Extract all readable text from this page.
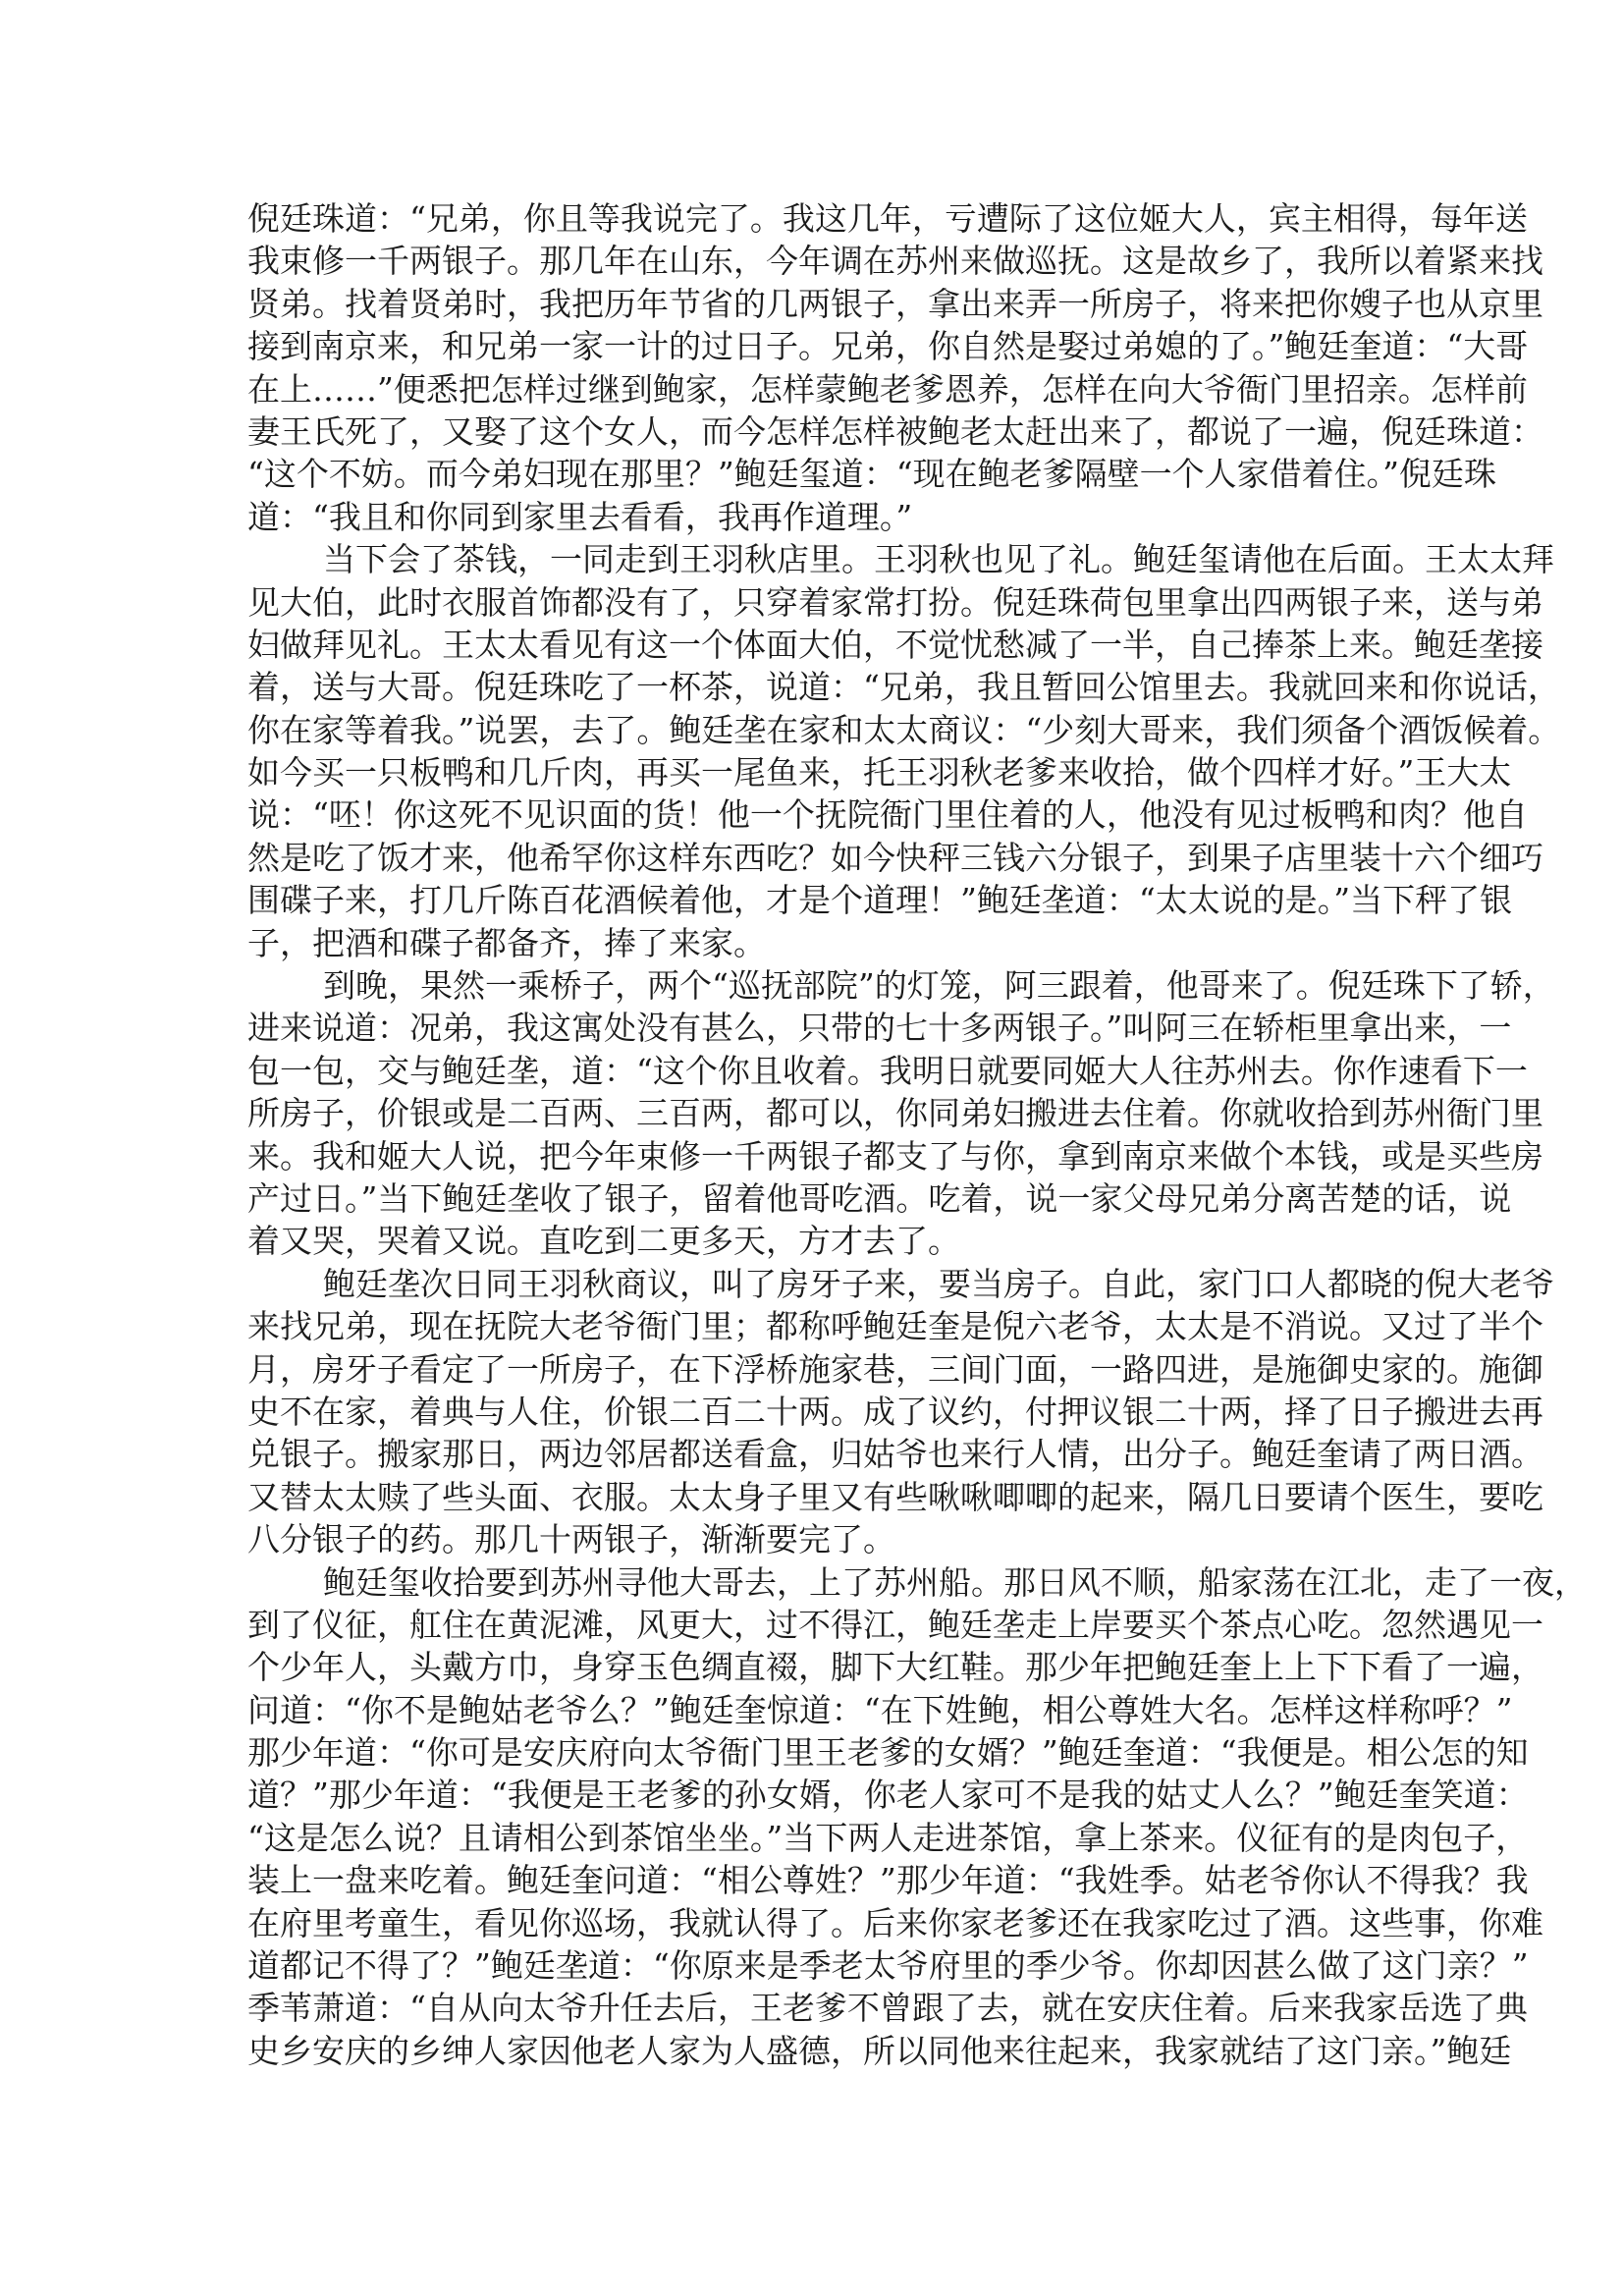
倪廷珠道：“兄弟，你且等我说完了。我这几年，亏遭际了这位姬大人，宾主相得，每年送
我束修一千两银子。那几年在山东，今年调在苏州来做巡抚。这是故乡了，我所以着紧来找
贤弟。找着贤弟时，我把历年节省的几两银子，拿出来弄一所房子，将来把你嫂子也从京里
接到南京来，和兄弟一家一计的过日子。兄弟，你自然是娶过弟媳的了。”鲍廷奎道：“大哥
在上……”便悉把怎样过继到鲍家，怎样蒙鲍老爹恩养，怎样在向大爷衙门里招亲。怎样前
妻王氏死了，又娶了这个女人，而今怎样怎样被鲍老太赶出来了，都说了一遍，倪廷珠道：
“这个不妨。而今弟妇现在那里？”鲍廷玺道：“现在鲍老爹隔壁一个人家借着住。”倪廷珠
道：“我且和你同到家里去看看，我再作道理。”
当下会了茶钱，一同走到王羽秋店里。王羽秋也见了礼。鲍廷玺请他在后面。王太太拜
见大伯，此时衣服首饰都没有了，只穿着家常打扮。倪廷珠荷包里拿出四两银子来，送与弟
妇做拜见礼。王太太看见有这一个体面大伯，不觉忧愁减了一半，自己捧茶上来。鲍廷垄接
着，送与大哥。倪廷珠吃了一杯茶，说道：“兄弟，我且暂回公馆里去。我就回来和你说话，
你在家等着我。”说罢，去了。鲍廷垄在家和太太商议：“少刻大哥来，我们须备个酒饭候着。
如今买一只板鸭和几斤肉，再买一尾鱼来，托王羽秋老爹来收拾，做个四样才好。”王大太
说：“呸！你这死不见识面的货！他一个抚院衙门里住着的人，他没有见过板鸭和肉？他自
然是吃了饭才来，他希罕你这样东西吃？如今快秤三钱六分银子，到果子店里装十六个细巧
围碟子来，打几斤陈百花酒候着他，才是个道理！”鲍廷垄道：“太太说的是。”当下秤了银
子，把酒和碟子都备齐，捧了来家。
到晚，果然一乘桥子，两个“巡抚部院”的灯笼，阿三跟着，他哥来了。倪廷珠下了轿，
进来说道：况弟，我这寓处没有甚么，只带的七十多两银子。”叫阿三在轿柜里拿出来，一
包一包，交与鲍廷垄，道：“这个你且收着。我明日就要同姬大人往苏州去。你作速看下一
所房子，价银或是二百两、三百两，都可以，你同弟妇搬进去住着。你就收拾到苏州衙门里
来。我和姬大人说，把今年束修一千两银子都支了与你，拿到南京来做个本钱，或是买些房
产过日。”当下鲍廷垄收了银子，留着他哥吃酒。吃着，说一家父母兄弟分离苦楚的话，说
着又哭，哭着又说。直吃到二更多天，方才去了。
鲍廷垄次日同王羽秋商议，叫了房牙子来，要当房子。自此，家门口人都晓的倪大老爷
来找兄弟，现在抚院大老爷衙门里；都称呼鲍廷奎是倪六老爷，太太是不消说。又过了半个
月，房牙子看定了一所房子，在下浮桥施家巷，三间门面，一路四进，是施御史家的。施御
史不在家，着典与人住，价银二百二十两。成了议约，付押议银二十两，择了日子搬进去再
兑银子。搬家那日，两边邻居都送看盒，归姑爷也来行人情，出分子。鲍廷奎请了两日酒。
又替太太赎了些头面、衣服。太太身子里又有些啾啾唧唧的起来，隔几日要请个医生，要吃
八分银子的药。那几十两银子，渐渐要完了。
鲍廷玺收拾要到苏州寻他大哥去，上了苏州船。那日风不顺，船家荡在江北，走了一夜，
到了仪征，舡住在黄泥滩，风更大，过不得江，鲍廷垄走上岸要买个茶点心吃。忽然遇见一
个少年人，头戴方巾，身穿玉色绸直裰，脚下大红鞋。那少年把鲍廷奎上上下下看了一遍，
问道：“你不是鲍姑老爷么？”鲍廷奎惊道：“在下姓鲍，相公尊姓大名。怎样这样称呼？”
那少年道：“你可是安庆府向太爷衙门里王老爹的女婿？”鲍廷奎道：“我便是。相公怎的知
道？”那少年道：“我便是王老爹的孙女婿，你老人家可不是我的姑丈人么？”鲍廷奎笑道：
“这是怎么说？且请相公到茶馆坐坐。”当下两人走进茶馆，拿上茶来。仪征有的是肉包子，
装上一盘来吃着。鲍廷奎问道：“相公尊姓？”那少年道：“我姓季。姑老爷你认不得我？我
在府里考童生，看见你巡场，我就认得了。后来你家老爹还在我家吃过了酒。这些事，你难
道都记不得了？”鲍廷垄道：“你原来是季老太爷府里的季少爷。你却因甚么做了这门亲？”
季苇萧道：“自从向太爷升任去后，王老爹不曾跟了去，就在安庆住着。后来我家岳选了典
史乡安庆的乡绅人家因他老人家为人盛德，所以同他来往起来，我家就结了这门亲。”鲍廷
